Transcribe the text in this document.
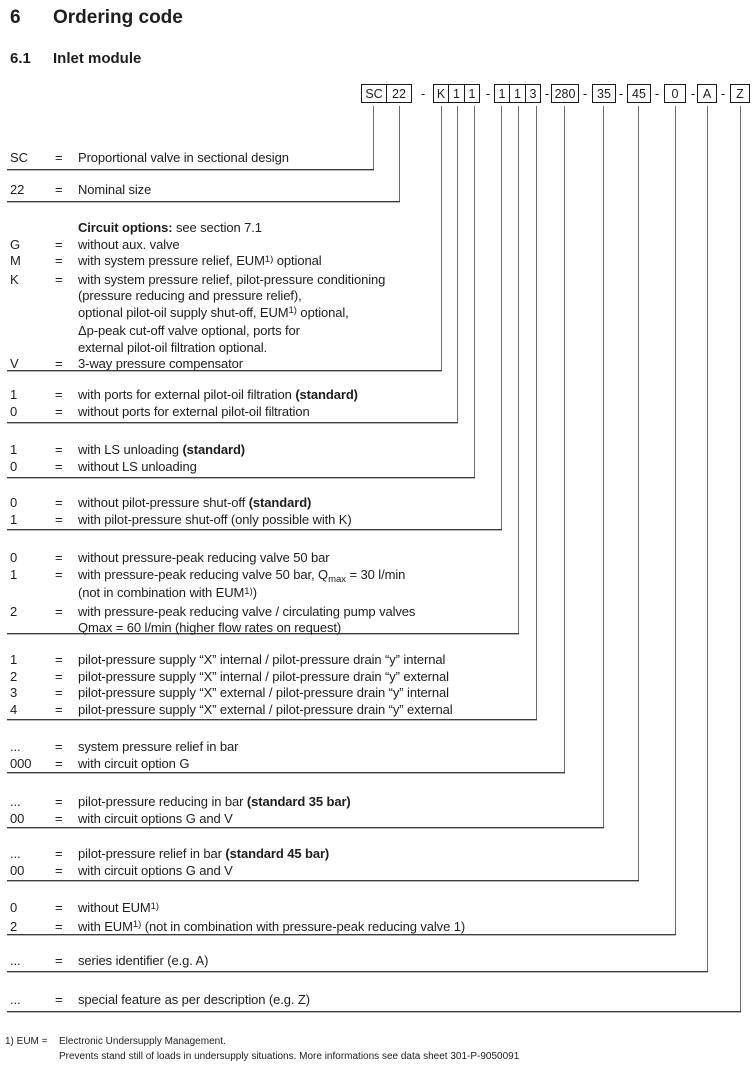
6	Ordering code
6.1	Inlet module
1) EUM =	Electronic Undersupply Management.
Prevents stand still of loads in undersupply situations. More informations see data sheet 301-P-9050091
SC 22	- K 1 1 - 1 1 3 - 280 - 35 - 45 - 0 - A - Z
SC	=	Proportional valve in sectional design
22	=	Nominal size
Circuit options: see section 7.1
G	=	without aux. valve
M	=	with system pressure relief, EUM$^{1)}$ optional
K	=	with system pressure relief, pilot-pressure conditioning
(pressure reducing and pressure relief),
optional pilot-oil supply shut-off, EUM$^{1)}$ optional,
Δp-peak cut-off valve optional, ports for
external pilot-oil filtration optional.
V	=	3-way pressure compensator
1	=	with ports for external pilot-oil filtration (standard)
0	=	without ports for external pilot-oil filtration
1	=	with LS unloading (standard)
0	=	without LS unloading
0	=	without pilot-pressure shut-off (standard)
1	=	with pilot-pressure shut-off (only possible with K)
0	=	without pressure-peak reducing valve 50 bar
1	=	with pressure-peak reducing valve 50 bar, $Q_{max} = 30$ l/min
(not in combination with EUM$^{1)}$)
2	=	with pressure-peak reducing valve / circulating pump valves
Qmax = 60 l/min (higher flow rates on request)
1	=	pilot-pressure supply “X” internal / pilot-pressure drain “y” internal
2	=	pilot-pressure supply “X” internal / pilot-pressure drain “y” external
3	=	pilot-pressure supply “X” external / pilot-pressure drain “y” internal
4	=	pilot-pressure supply “X” external / pilot-pressure drain “y” external
...	=	system pressure relief in bar
000	=	with circuit option G
...	=	pilot-pressure reducing in bar (standard 35 bar)
00	=	with circuit options G and V
...	=	pilot-pressure relief in bar (standard 45 bar)
00	=	with circuit options G and V
0	=	without EUM$^{1)}$
2	=	with EUM$^{1)}$ (not in combination with pressure-peak reducing valve 1)
...	=	series identifier (e.g. A)
...	=	special feature as per description (e.g. Z)
